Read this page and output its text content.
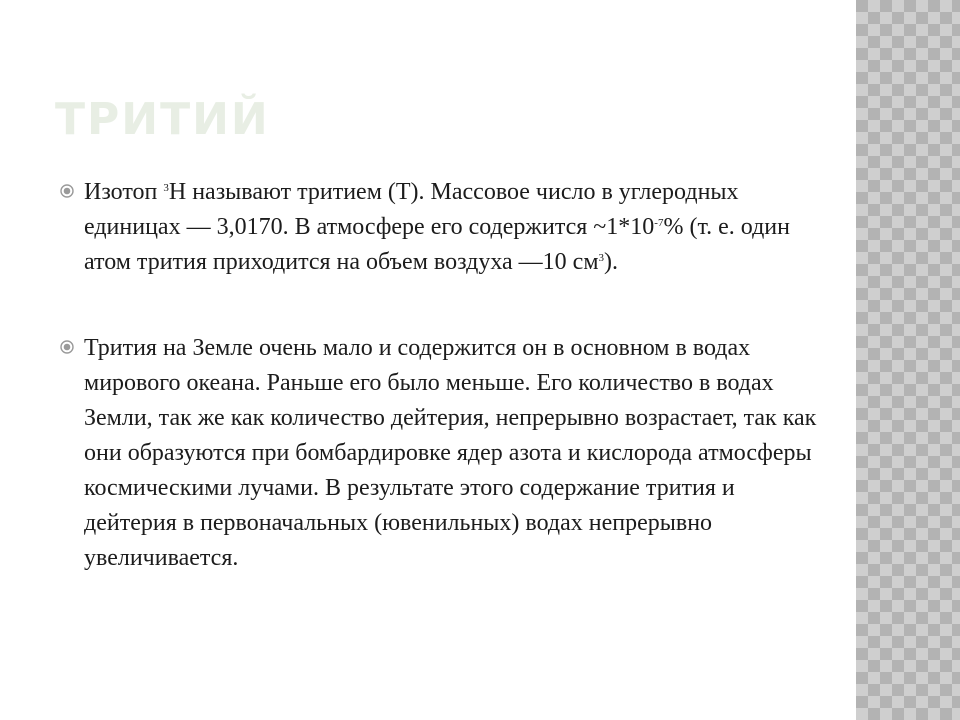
ТРИТИЙ
Изотоп $^3$Н называют тритием (Т). Массовое число в углеродных единицах — 3,0170. В атмосфере его содержится $\sim 1*10^{-7}\%$ (т. е. один атом трития приходится на объем воздуха —10 $см^3$).
Трития на Земле очень мало и содержится он в основном в водах мирового океана. Раньше его было меньше. Его количество в водах Земли, так же как количество дейтерия, непрерывно возрастает, так как они образуются при бомбардировке ядер азота и кислорода атмосферы космическими лучами. В результате этого содержание трития и дейтерия в первоначальных (ювенильных) водах непрерывно увеличивается.
